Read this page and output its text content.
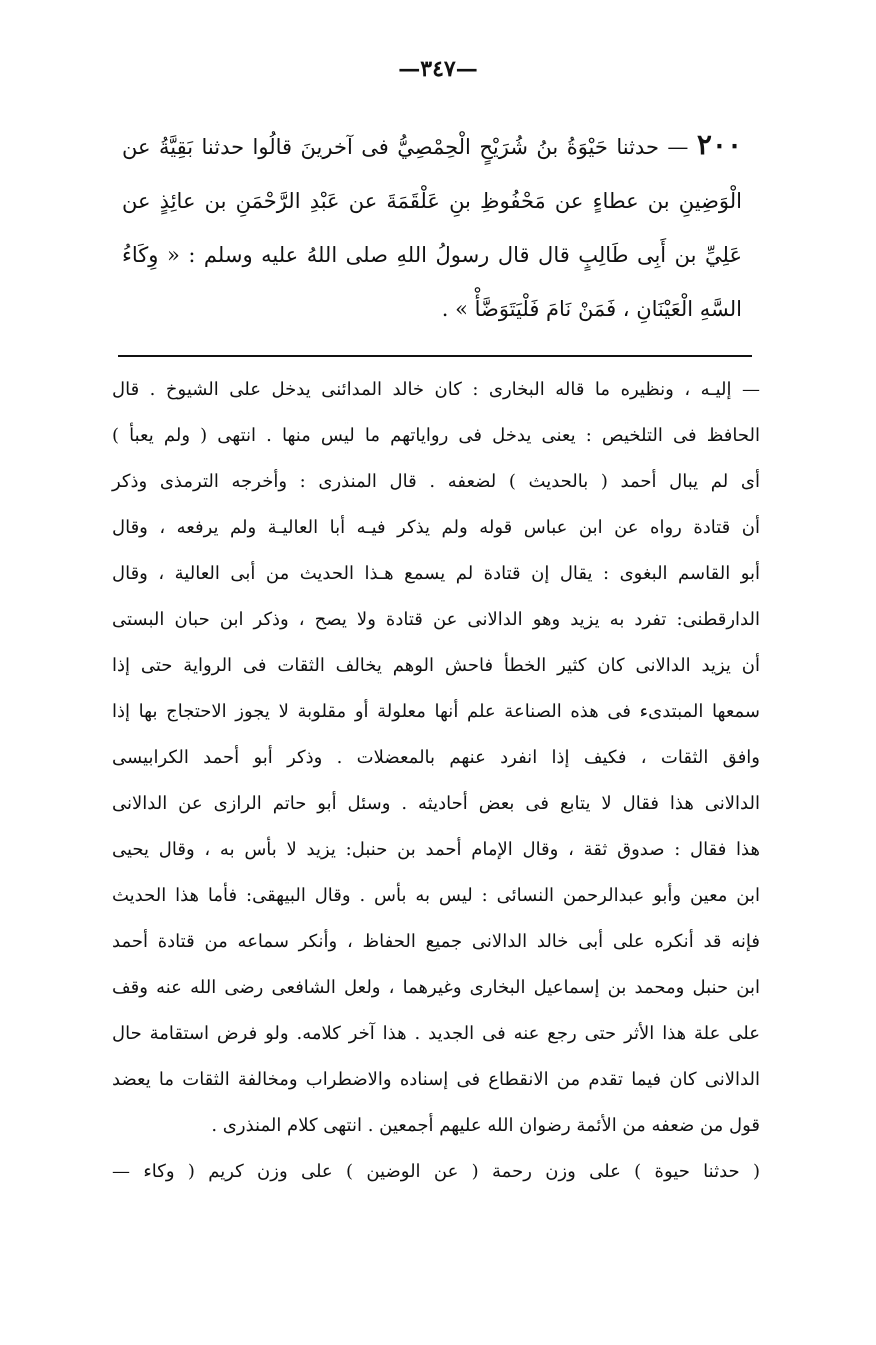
—٣٤٧—
٢٠٠ — حدثنا حَيْوَةُ بنُ شُرَيْحٍ الْحِمْصِيُّ فى آخرينَ قالُوا حدثنا بَقِيَّةُ عن الْوَضِينِ بن عطاءٍ عن مَحْفُوظِ بنِ عَلْقَمَةَ عن عَبْدِ الرَّحْمَنِ بن عائِذٍ عن عَلِيِّ بن أَبِى طَالِبٍ قال قال رسولُ اللهِ صلى اللهُ عليه وسلم : « وِكَاءُ السَّهِ الْعَيْنَانِ ، فَمَنْ نَامَ فَلْيَتَوَضَّأْ » .
— إليـه ، ونظيره ما قاله البخارى : كان خالد المدائنى يدخل على الشيوخ . قال
الحافظ فى التلخيص : يعنى يدخل فى رواياتهم ما ليس منها . انتهى ( ولم يعبأ )
أى لم يبال أحمد ( بالحديث ) لضعفه . قال المنذرى : وأخرجه الترمذى وذكر
أن قتادة رواه عن ابن عباس قوله ولم يذكر فيـه أبا العاليـة ولم يرفعه ، وقال
أبو القاسم البغوى : يقال إن قتادة لم يسمع هـذا الحديث من أبى العالية ، وقال
الدارقطنى: تفرد به يزيد وهو الدالانى عن قتادة ولا يصح ، وذكر ابن حبان البستى
أن يزيد الدالانى كان كثير الخطأ فاحش الوهم يخالف الثقات فى الرواية حتى إذا
سمعها المبتدىء فى هذه الصناعة علم أنها معلولة أو مقلوبة لا يجوز الاحتجاج بها إذا
وافق الثقات ، فكيف إذا انفرد عنهم بالمعضلات . وذكر أبو أحمد الكرابيسى
الدالانى هذا فقال لا يتابع فى بعض أحاديثه . وسئل أبو حاتم الرازى عن الدالانى
هذا فقال : صدوق ثقة ، وقال الإمام أحمد بن حنبل: يزيد لا بأس به ، وقال يحيى
ابن معين وأبو عبدالرحمن النسائى : ليس به بأس . وقال البيهقى: فأما هذا الحديث
فإنه قد أنكره على أبى خالد الدالانى جميع الحفاظ ، وأنكر سماعه من قتادة أحمد
ابن حنبل ومحمد بن إسماعيل البخارى وغيرهما ، ولعل الشافعى رضى الله عنه وقف
على علة هذا الأثر حتى رجع عنه فى الجديد . هذا آخر كلامه. ولو فرض استقامة حال
الدالانى كان فيما تقدم من الانقطاع فى إسناده والاضطراب ومخالفة الثقات ما يعضد
قول من ضعفه من الأئمة رضوان الله عليهم أجمعين . انتهى كلام المنذرى .
( حدثنا حيوة ) على وزن رحمة ( عن الوضين ) على وزن كريم ( وكاء —
